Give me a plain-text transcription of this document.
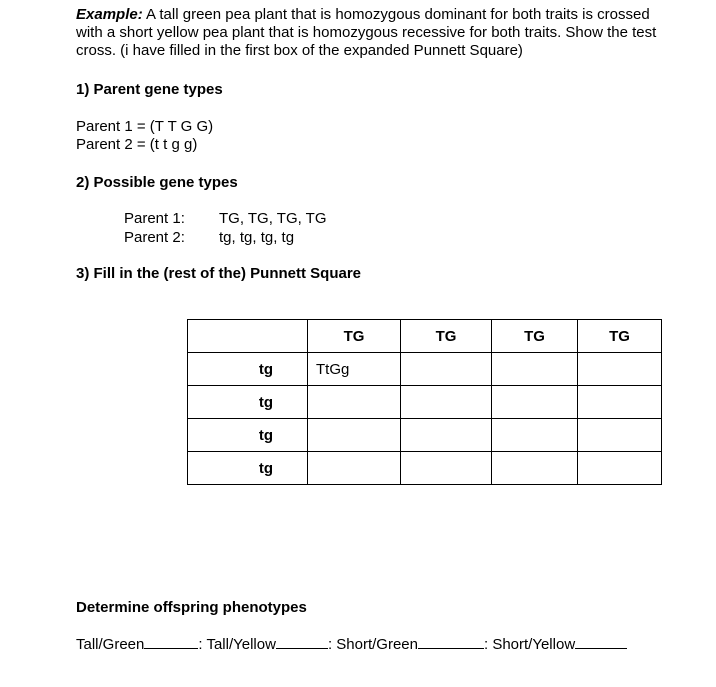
Example: A tall green pea plant that is homozygous dominant for both traits is crossed
with a short yellow pea plant that is homozygous recessive for both traits. Show the test
cross. (i have filled in the first box of the expanded Punnett Square)
1) Parent gene types
Parent 1 = (T T G G)
Parent 2 = (t t g g)
2) Possible gene types
Parent 1: TG, TG, TG, TG
Parent 2: tg, tg, tg, tg
3) Fill in the (rest of the) Punnett Square
	TG	TG	TG	TG
tg	TtGg			
tg				
tg				
tg				
Determine offspring phenotypes
Tall/Green	: Tall/Yellow	: Short/Green	: Short/Yellow
